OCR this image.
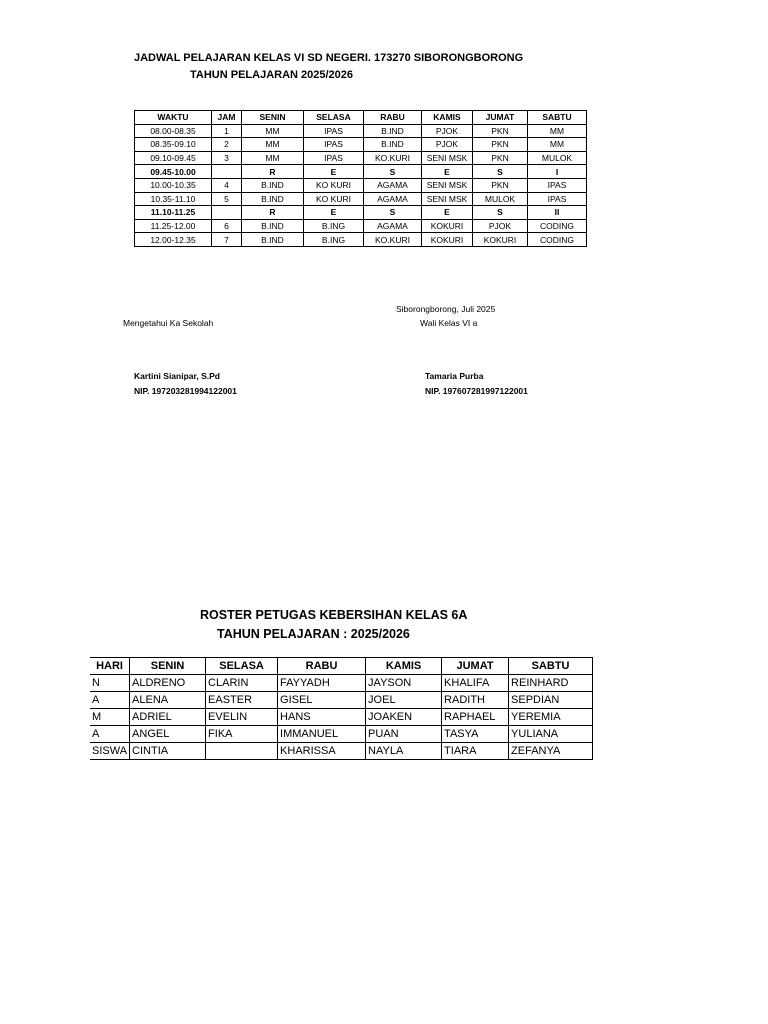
JADWAL PELAJARAN KELAS VI SD NEGERI. 173270 SIBORONGBORONG
TAHUN PELAJARAN 2025/2026
WAKTU	JAM	SENIN	SELASA	RABU	KAMIS	JUMAT	SABTU
08.00-08.35	1	MM	IPAS	B.IND	PJOK	PKN	MM
08.35-09.10	2	MM	IPAS	B.IND	PJOK	PKN	MM
09.10-09.45	3	MM	IPAS	KO.KURI	SENI MSK	PKN	MULOK
09.45-10.00		R	E	S	E	S	I
10.00-10.35	4	B.IND	KO KURI	AGAMA	SENI MSK	PKN	IPAS
10.35-11.10	5	B.IND	KO KURI	AGAMA	SENI MSK	MULOK	IPAS
11.10-11.25		R	E	S	E	S	II
11.25-12.00	6	B.IND	B.ING	AGAMA	KOKURI	PJOK	CODING
12.00-12.35	7	B.IND	B.ING	KO.KURI	KOKURI	KOKURI	CODING
Siborongborong, Juli 2025
Mengetahui Ka Sekolah	Wali Kelas VI a
Kartini Sianipar, S.Pd
NIP. 197203281994122001
Tamaria Purba
NIP. 197607281997122001
ROSTER PETUGAS KEBERSIHAN KELAS 6A
TAHUN PELAJARAN : 2025/2026
HARI	SENIN	SELASA	RABU	KAMIS	JUMAT	SABTU
N	ALDRENO	CLARIN	FAYYADH	JAYSON	KHALIFA	REINHARD
A	ALENA	EASTER	GISEL	JOEL	RADITH	SEPDIAN
M	ADRIEL	EVELIN	HANS	JOAKEN	RAPHAEL	YEREMIA
A	ANGEL	FIKA	IMMANUEL	PUAN	TASYA	YULIANA
SISWA	CINTIA		KHARISSA	NAYLA	TIARA	ZEFANYA
